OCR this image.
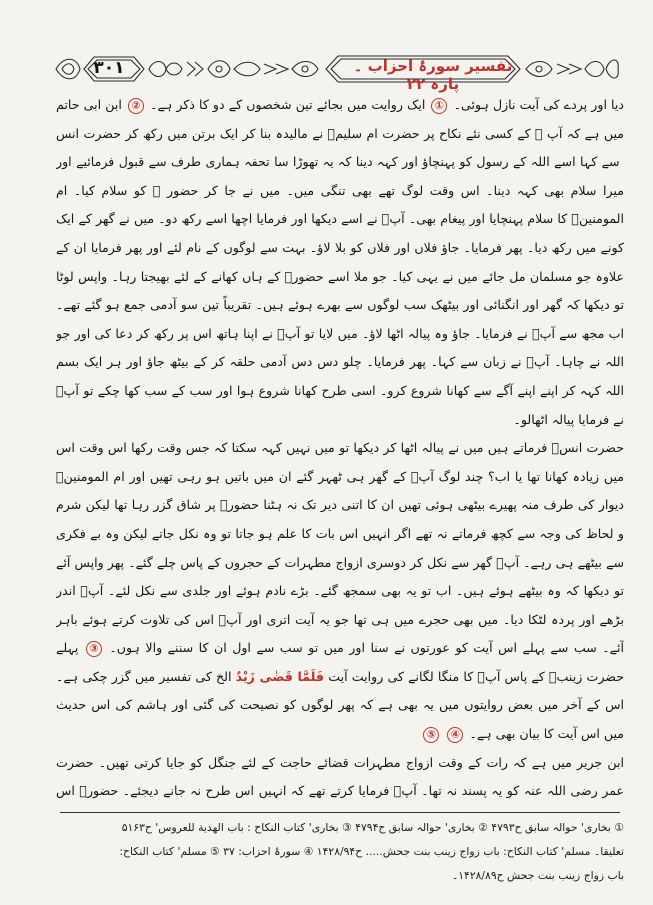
۳۰۱	تفسیر سورۂ احزاب ۔ پارہ ۲۲

دیا اور پردے کی آیت نازل ہوئی۔ ① ایک روایت میں بجائے تین شخصوں کے دو کا ذکر ہے۔ ② ابن ابی حاتم میں ہے کہ آپ ؐ کے کسی نئے نکاح پر حضرت ام سلیمؓ نے مالیدہ بنا کر ایک برتن میں رکھ کر حضرت انس ؓ سے کہا اسے اللہ کے رسول کو پہنچاؤ اور کہہ دینا کہ یہ تھوڑا سا تحفہ ہماری طرف سے قبول فرمائیے اور میرا سلام بھی کہہ دینا۔ اس وقت لوگ تھے بھی تنگی میں۔ میں نے جا کر حضور ﷺ کو سلام کیا۔ ام المومنینؓ کا سلام پہنچایا اور پیغام بھی۔ آپؐ نے اسے دیکھا اور فرمایا اچھا اسے رکھ دو۔ میں نے گھر کے ایک کونے میں رکھ دیا۔ پھر فرمایا۔ جاؤ فلاں اور فلاں کو بلا لاؤ۔ بہت سے لوگوں کے نام لئے اور پھر فرمایا ان کے علاوہ جو مسلمان مل جائے میں نے یہی کیا۔ جو ملا اسے حضورؐ کے ہاں کھانے کے لئے بھیجتا رہا۔ واپس لوٹا تو دیکھا کہ گھر اور انگنائی اور بیٹھک سب لوگوں سے بھرے ہوئے ہیں۔ تقریباً تین سو آدمی جمع ہو گئے تھے۔ اب مجھ سے آپؐ نے فرمایا۔ جاؤ وہ پیالہ اٹھا لاؤ۔ میں لایا تو آپؐ نے اپنا ہاتھ اس پر رکھ کر دعا کی اور جو اللہ نے چاہا۔ آپؐ نے زبان سے کہا۔ پھر فرمایا۔ چلو دس دس آدمی حلقہ کر کے بیٹھ جاؤ اور ہر ایک بسم اللہ کہہ کر اپنے اپنے آگے سے کھانا شروع کرو۔ اسی طرح کھانا شروع ہوا اور سب کے سب کھا چکے تو آپؐ نے فرمایا پیالہ اٹھالو۔

حضرت انسؓ فرماتے ہیں میں نے پیالہ اٹھا کر دیکھا تو میں نہیں کہہ سکتا کہ جس وقت رکھا اس وقت اس میں زیادہ کھانا تھا یا اب؟ چند لوگ آپؐ کے گھر ہی ٹھہر گئے ان میں باتیں ہو رہی تھیں اور ام المومنینؓ دیوار کی طرف منہ پھیرے بیٹھی ہوئی تھیں ان کا اتنی دیر تک نہ ہٹنا حضورؐ پر شاق گزر رہا تھا لیکن شرم و لحاظ کی وجہ سے کچھ فرماتے نہ تھے اگر انہیں اس بات کا علم ہو جاتا تو وہ نکل جاتے لیکن وہ بے فکری سے بیٹھے ہی رہے۔ آپؐ گھر سے نکل کر دوسری ازواج مطہرات کے حجروں کے پاس چلے گئے۔ پھر واپس آئے تو دیکھا کہ وہ بیٹھے ہوئے ہیں۔ اب تو یہ بھی سمجھ گئے۔ بڑے نادم ہوئے اور جلدی سے نکل لئے۔ آپؐ اندر بڑھے اور پردہ لٹکا دیا۔ میں بھی حجرے میں ہی تھا جو یہ آیت اتری اور آپؐ اس کی تلاوت کرتے ہوئے باہر آئے۔ سب سے پہلے اس آیت کو عورتوں نے سنا اور میں تو سب سے اول ان کا سننے والا ہوں۔ ③ پہلے حضرت زینبؓ کے پاس آپؐ کا منگا لگانے کی روایت آیت فَلَمَّا قَضٰى زَيْدٌ الخ کی تفسیر میں گزر چکی ہے۔ اس کے آخر میں بعض روایتوں میں یہ بھی ہے کہ پھر لوگوں کو نصیحت کی گئی اور ہاشم کی اس حدیث میں اس آیت کا بیان بھی ہے۔ ④ ⑤

ابن جریر میں ہے کہ رات کے وقت ازواج مطہرات قضائے حاجت کے لئے جنگل کو جایا کرتی تھیں۔ حضرت عمر رضی اللہ عنہ کو یہ پسند نہ تھا۔ آپؓ فرمایا کرتے تھے کہ انہیں اس طرح نہ جانے دیجئے۔ حضورؐ اس

① بخاری' حوالہ سابق ح۴۷۹۳ ② بخاری' حوالہ سابق ح۴۷۹۴ ③ بخاری' کتاب النکاح : باب الهدية للعروس' ح۵۱۶۳

تعلیقا۔ مسلم' کتاب النکاح: باب زواج زينب بنت جحش..... ح۱۴۲۸/۹۴ ④ سورۂ احزاب: ۳۷ ⑤ مسلم' کتاب النکاح:

باب زواج زينب بنت جحش ح۱۴۲۸/۸۹۔
